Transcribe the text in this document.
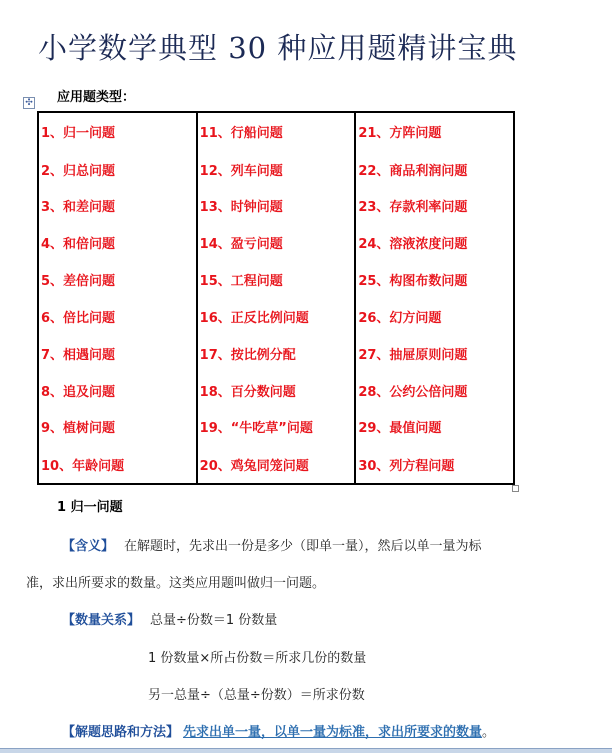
小学数学典型 30 种应用题精讲宝典
应用题类型：
✣
1、归一问题	11、行船问题	21、方阵问题
2、归总问题	12、列车问题	22、商品利润问题
3、和差问题	13、时钟问题	23、存款利率问题
4、和倍问题	14、盈亏问题	24、溶液浓度问题
5、差倍问题	15、工程问题	25、构图布数问题
6、倍比问题	16、正反比例问题	26、幻方问题
7、相遇问题	17、按比例分配	27、抽屉原则问题
8、追及问题	18、百分数问题	28、公约公倍问题
9、植树问题	19、“牛吃草”问题	29、最值问题
10、年龄问题	20、鸡兔同笼问题	30、列方程问题
1 归一问题
【含义】 在解题时，先求出一份是多少（即单一量），然后以单一量为标
准，求出所要求的数量。这类应用题叫做归一问题。
【数量关系】 总量÷份数＝1 份数量
1 份数量×所占份数＝所求几份的数量
另一总量÷（总量÷份数）＝所求份数
【解题思路和方法】 先求出单一量，以单一量为标准，求出所要求的数量。
